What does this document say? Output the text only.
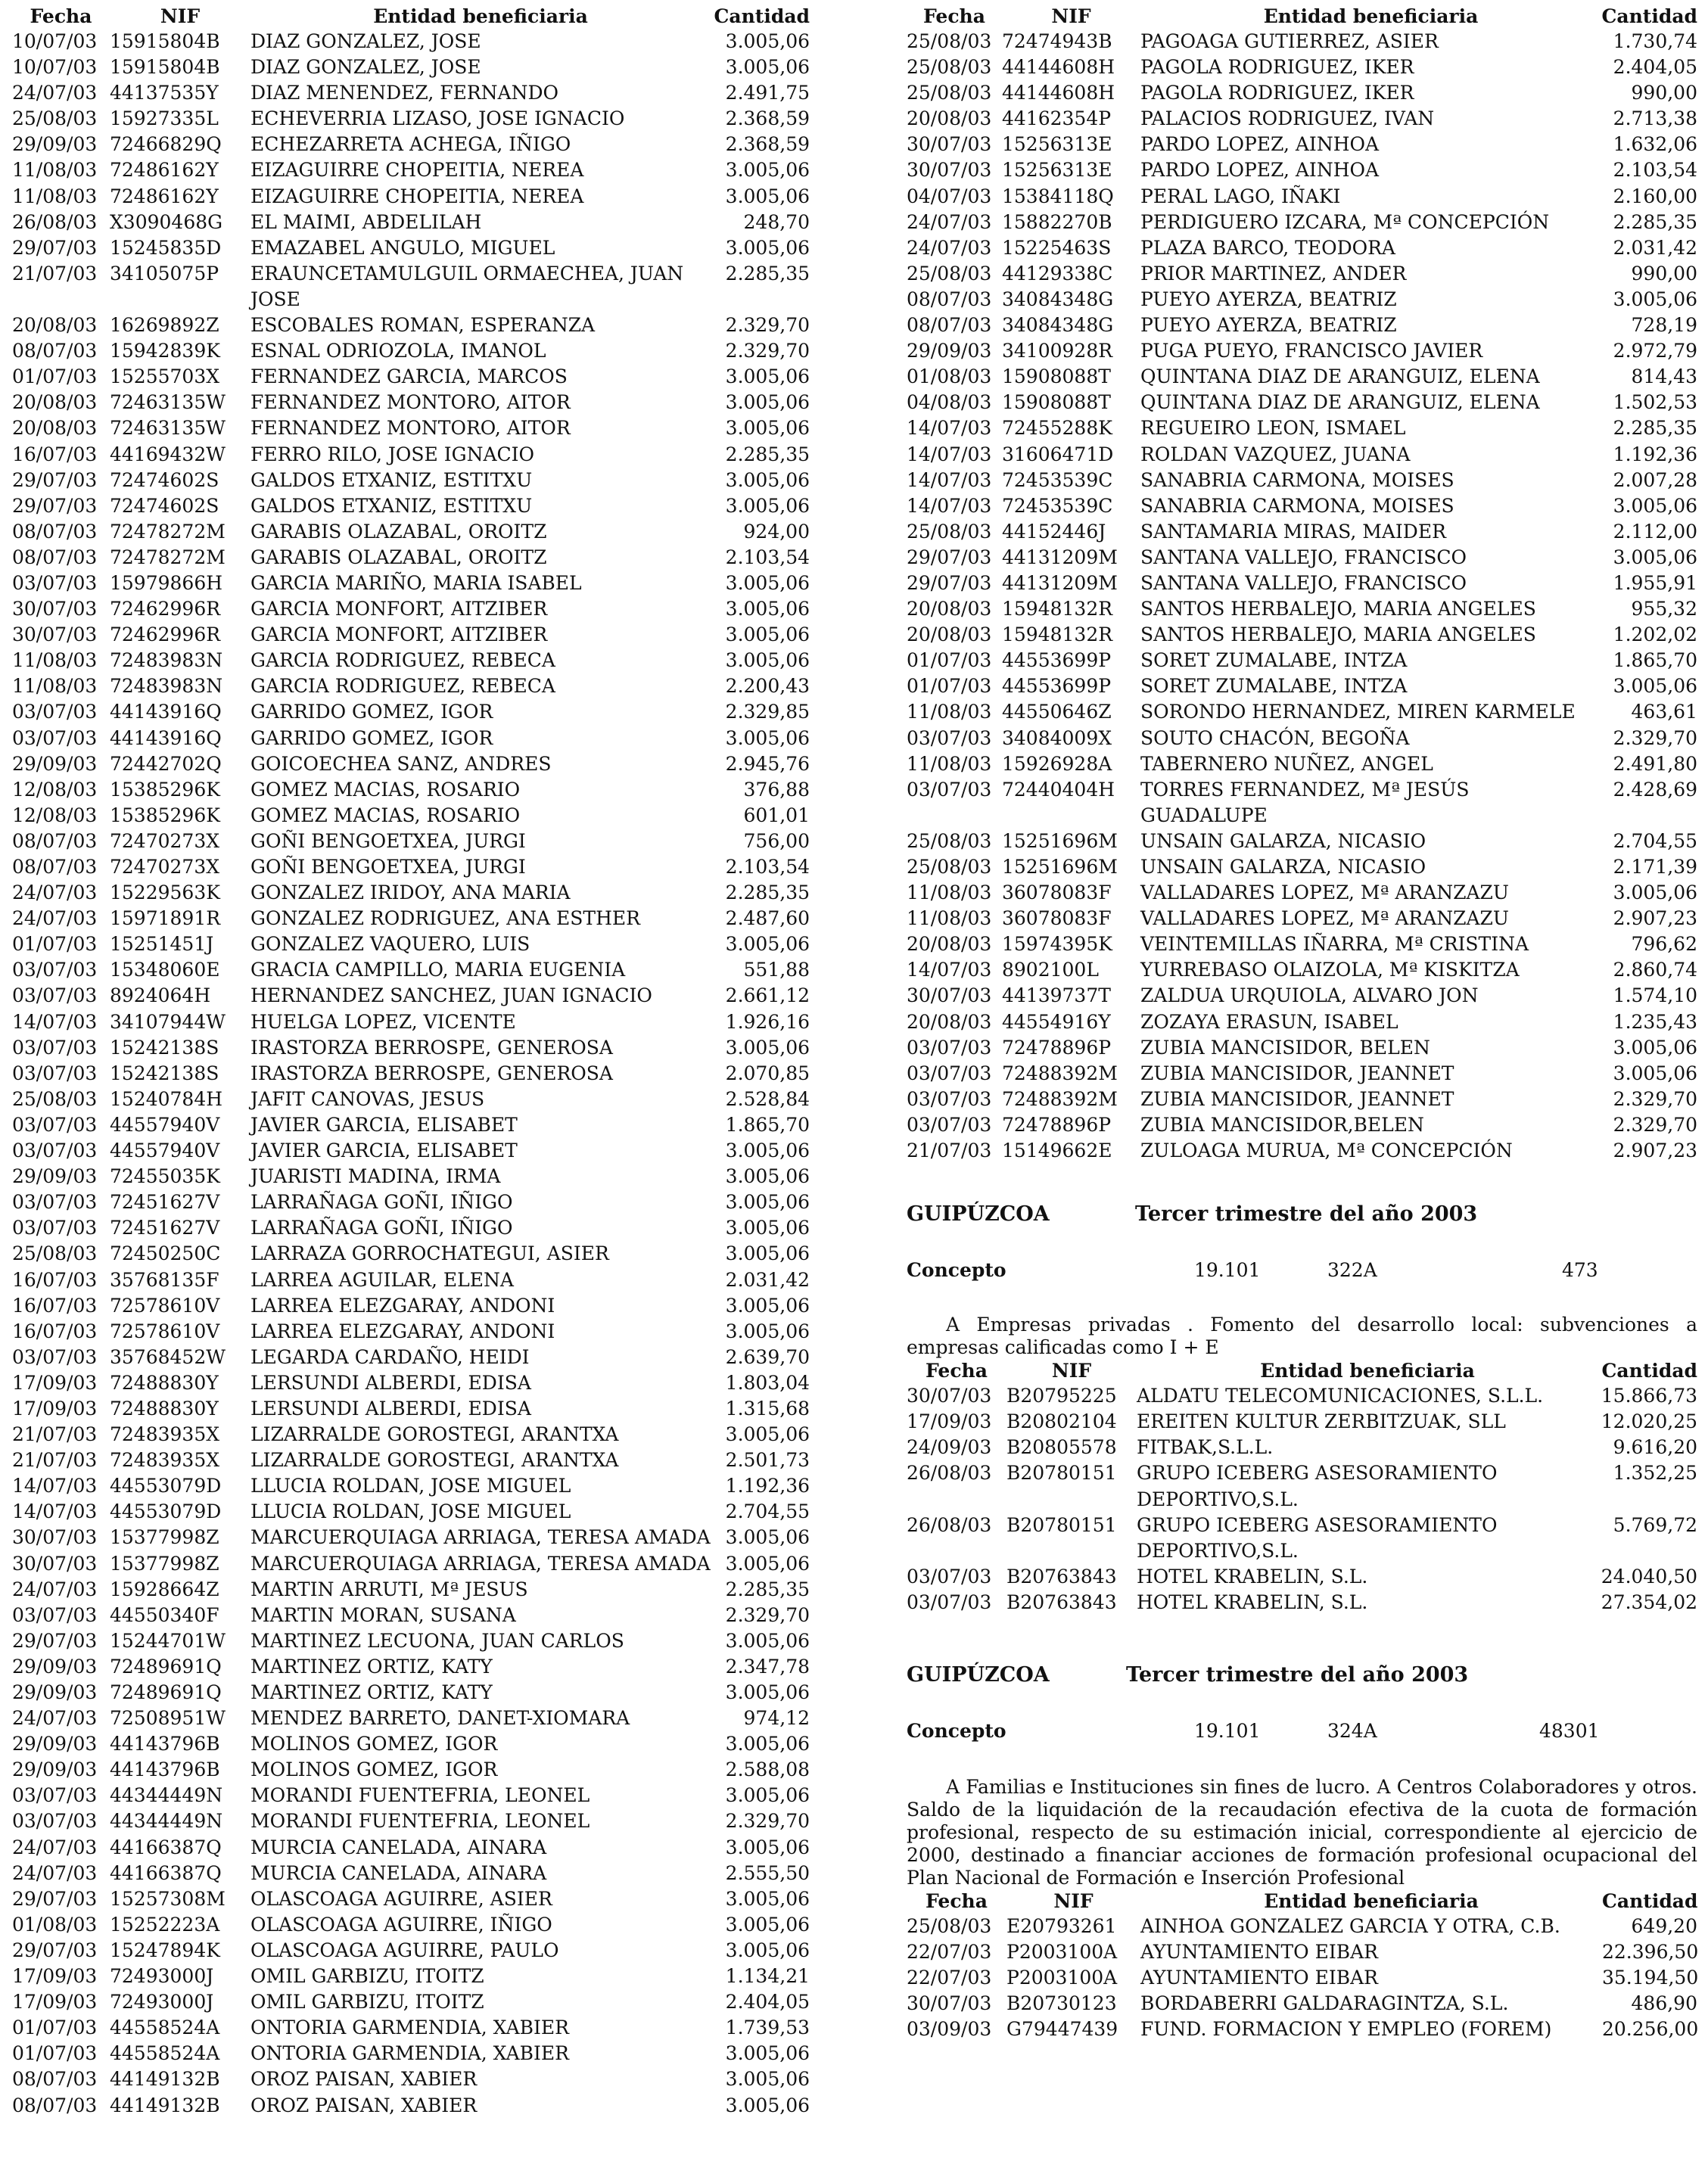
Fecha	NIF	Entidad beneficiaria	Cantidad
10/07/03	15915804B	DIAZ GONZALEZ, JOSE	3.005,06
10/07/03	15915804B	DIAZ GONZALEZ, JOSE	3.005,06
24/07/03	44137535Y	DIAZ MENENDEZ, FERNANDO	2.491,75
25/08/03	15927335L	ECHEVERRIA LIZASO, JOSE IGNACIO	2.368,59
29/09/03	72466829Q	ECHEZARRETA ACHEGA, IÑIGO	2.368,59
11/08/03	72486162Y	EIZAGUIRRE CHOPEITIA, NEREA	3.005,06
11/08/03	72486162Y	EIZAGUIRRE CHOPEITIA, NEREA	3.005,06
26/08/03	X3090468G	EL MAIMI, ABDELILAH	248,70
29/07/03	15245835D	EMAZABEL ANGULO, MIGUEL	3.005,06
21/07/03	34105075P	ERAUNCETAMULGUIL ORMAECHEA, JUAN JOSE	2.285,35
20/08/03	16269892Z	ESCOBALES ROMAN, ESPERANZA	2.329,70
08/07/03	15942839K	ESNAL ODRIOZOLA, IMANOL	2.329,70
01/07/03	15255703X	FERNANDEZ GARCIA, MARCOS	3.005,06
20/08/03	72463135W	FERNANDEZ MONTORO, AITOR	3.005,06
20/08/03	72463135W	FERNANDEZ MONTORO, AITOR	3.005,06
16/07/03	44169432W	FERRO RILO, JOSE IGNACIO	2.285,35
29/07/03	72474602S	GALDOS ETXANIZ, ESTITXU	3.005,06
29/07/03	72474602S	GALDOS ETXANIZ, ESTITXU	3.005,06
08/07/03	72478272M	GARABIS OLAZABAL, OROITZ	924,00
08/07/03	72478272M	GARABIS OLAZABAL, OROITZ	2.103,54
03/07/03	15979866H	GARCIA MARIÑO, MARIA ISABEL	3.005,06
30/07/03	72462996R	GARCIA MONFORT, AITZIBER	3.005,06
30/07/03	72462996R	GARCIA MONFORT, AITZIBER	3.005,06
11/08/03	72483983N	GARCIA RODRIGUEZ, REBECA	3.005,06
11/08/03	72483983N	GARCIA RODRIGUEZ, REBECA	2.200,43
03/07/03	44143916Q	GARRIDO GOMEZ, IGOR	2.329,85
03/07/03	44143916Q	GARRIDO GOMEZ, IGOR	3.005,06
29/09/03	72442702Q	GOICOECHEA SANZ, ANDRES	2.945,76
12/08/03	15385296K	GOMEZ MACIAS, ROSARIO	376,88
12/08/03	15385296K	GOMEZ MACIAS, ROSARIO	601,01
08/07/03	72470273X	GOÑI BENGOETXEA, JURGI	756,00
08/07/03	72470273X	GOÑI BENGOETXEA, JURGI	2.103,54
24/07/03	15229563K	GONZALEZ IRIDOY, ANA MARIA	2.285,35
24/07/03	15971891R	GONZALEZ RODRIGUEZ, ANA ESTHER	2.487,60
01/07/03	15251451J	GONZALEZ VAQUERO, LUIS	3.005,06
03/07/03	15348060E	GRACIA CAMPILLO, MARIA EUGENIA	551,88
03/07/03	8924064H	HERNANDEZ SANCHEZ, JUAN IGNACIO	2.661,12
14/07/03	34107944W	HUELGA LOPEZ, VICENTE	1.926,16
03/07/03	15242138S	IRASTORZA BERROSPE, GENEROSA	3.005,06
03/07/03	15242138S	IRASTORZA BERROSPE, GENEROSA	2.070,85
25/08/03	15240784H	JAFIT CANOVAS, JESUS	2.528,84
03/07/03	44557940V	JAVIER GARCIA, ELISABET	1.865,70
03/07/03	44557940V	JAVIER GARCIA, ELISABET	3.005,06
29/09/03	72455035K	JUARISTI MADINA, IRMA	3.005,06
03/07/03	72451627V	LARRAÑAGA GOÑI, IÑIGO	3.005,06
03/07/03	72451627V	LARRAÑAGA GOÑI, IÑIGO	3.005,06
25/08/03	72450250C	LARRAZA GORROCHATEGUI, ASIER	3.005,06
16/07/03	35768135F	LARREA AGUILAR, ELENA	2.031,42
16/07/03	72578610V	LARREA ELEZGARAY, ANDONI	3.005,06
16/07/03	72578610V	LARREA ELEZGARAY, ANDONI	3.005,06
03/07/03	35768452W	LEGARDA CARDAÑO, HEIDI	2.639,70
17/09/03	72488830Y	LERSUNDI ALBERDI, EDISA	1.803,04
17/09/03	72488830Y	LERSUNDI ALBERDI, EDISA	1.315,68
21/07/03	72483935X	LIZARRALDE GOROSTEGI, ARANTXA	3.005,06
21/07/03	72483935X	LIZARRALDE GOROSTEGI, ARANTXA	2.501,73
14/07/03	44553079D	LLUCIA ROLDAN, JOSE MIGUEL	1.192,36
14/07/03	44553079D	LLUCIA ROLDAN, JOSE MIGUEL	2.704,55
30/07/03	15377998Z	MARCUERQUIAGA ARRIAGA, TERESA AMADA	3.005,06
30/07/03	15377998Z	MARCUERQUIAGA ARRIAGA, TERESA AMADA	3.005,06
24/07/03	15928664Z	MARTIN ARRUTI, Mª JESUS	2.285,35
03/07/03	44550340F	MARTIN MORAN, SUSANA	2.329,70
29/07/03	15244701W	MARTINEZ LECUONA, JUAN CARLOS	3.005,06
29/09/03	72489691Q	MARTINEZ ORTIZ, KATY	2.347,78
29/09/03	72489691Q	MARTINEZ ORTIZ, KATY	3.005,06
24/07/03	72508951W	MENDEZ BARRETO, DANET-XIOMARA	974,12
29/09/03	44143796B	MOLINOS GOMEZ, IGOR	3.005,06
29/09/03	44143796B	MOLINOS GOMEZ, IGOR	2.588,08
03/07/03	44344449N	MORANDI FUENTEFRIA, LEONEL	3.005,06
03/07/03	44344449N	MORANDI FUENTEFRIA, LEONEL	2.329,70
24/07/03	44166387Q	MURCIA CANELADA, AINARA	3.005,06
24/07/03	44166387Q	MURCIA CANELADA, AINARA	2.555,50
29/07/03	15257308M	OLASCOAGA AGUIRRE, ASIER	3.005,06
01/08/03	15252223A	OLASCOAGA AGUIRRE, IÑIGO	3.005,06
29/07/03	15247894K	OLASCOAGA AGUIRRE, PAULO	3.005,06
17/09/03	72493000J	OMIL GARBIZU, ITOITZ	1.134,21
17/09/03	72493000J	OMIL GARBIZU, ITOITZ	2.404,05
01/07/03	44558524A	ONTORIA GARMENDIA, XABIER	1.739,53
01/07/03	44558524A	ONTORIA GARMENDIA, XABIER	3.005,06
08/07/03	44149132B	OROZ PAISAN, XABIER	3.005,06
08/07/03	44149132B	OROZ PAISAN, XABIER	3.005,06
Fecha	NIF	Entidad beneficiaria	Cantidad
25/08/03	72474943B	PAGOAGA GUTIERREZ, ASIER	1.730,74
25/08/03	44144608H	PAGOLA RODRIGUEZ, IKER	2.404,05
25/08/03	44144608H	PAGOLA RODRIGUEZ, IKER	990,00
20/08/03	44162354P	PALACIOS RODRIGUEZ, IVAN	2.713,38
30/07/03	15256313E	PARDO LOPEZ, AINHOA	1.632,06
30/07/03	15256313E	PARDO LOPEZ, AINHOA	2.103,54
04/07/03	15384118Q	PERAL LAGO, IÑAKI	2.160,00
24/07/03	15882270B	PERDIGUERO IZCARA, Mª CONCEPCIÓN	2.285,35
24/07/03	15225463S	PLAZA BARCO, TEODORA	2.031,42
25/08/03	44129338C	PRIOR MARTINEZ, ANDER	990,00
08/07/03	34084348G	PUEYO AYERZA, BEATRIZ	3.005,06
08/07/03	34084348G	PUEYO AYERZA, BEATRIZ	728,19
29/09/03	34100928R	PUGA PUEYO, FRANCISCO JAVIER	2.972,79
01/08/03	15908088T	QUINTANA DIAZ DE ARANGUIZ, ELENA	814,43
04/08/03	15908088T	QUINTANA DIAZ DE ARANGUIZ, ELENA	1.502,53
14/07/03	72455288K	REGUEIRO LEON, ISMAEL	2.285,35
14/07/03	31606471D	ROLDAN VAZQUEZ, JUANA	1.192,36
14/07/03	72453539C	SANABRIA CARMONA, MOISES	2.007,28
14/07/03	72453539C	SANABRIA CARMONA, MOISES	3.005,06
25/08/03	44152446J	SANTAMARIA MIRAS, MAIDER	2.112,00
29/07/03	44131209M	SANTANA VALLEJO, FRANCISCO	3.005,06
29/07/03	44131209M	SANTANA VALLEJO, FRANCISCO	1.955,91
20/08/03	15948132R	SANTOS HERBALEJO, MARIA ANGELES	955,32
20/08/03	15948132R	SANTOS HERBALEJO, MARIA ANGELES	1.202,02
01/07/03	44553699P	SORET ZUMALABE, INTZA	1.865,70
01/07/03	44553699P	SORET ZUMALABE, INTZA	3.005,06
11/08/03	44550646Z	SORONDO HERNANDEZ, MIREN KARMELE	463,61
03/07/03	34084009X	SOUTO CHACÓN, BEGOÑA	2.329,70
11/08/03	15926928A	TABERNERO NUÑEZ, ANGEL	2.491,80
03/07/03	72440404H	TORRES FERNANDEZ, Mª JESÚS GUADALUPE	2.428,69
25/08/03	15251696M	UNSAIN GALARZA, NICASIO	2.704,55
25/08/03	15251696M	UNSAIN GALARZA, NICASIO	2.171,39
11/08/03	36078083F	VALLADARES LOPEZ, Mª ARANZAZU	3.005,06
11/08/03	36078083F	VALLADARES LOPEZ, Mª ARANZAZU	2.907,23
20/08/03	15974395K	VEINTEMILLAS IÑARRA, Mª CRISTINA	796,62
14/07/03	8902100L	YURREBASO OLAIZOLA, Mª KISKITZA	2.860,74
30/07/03	44139737T	ZALDUA URQUIOLA, ALVARO JON	1.574,10
20/08/03	44554916Y	ZOZAYA ERASUN, ISABEL	1.235,43
03/07/03	72478896P	ZUBIA MANCISIDOR, BELEN	3.005,06
03/07/03	72488392M	ZUBIA MANCISIDOR, JEANNET	3.005,06
03/07/03	72488392M	ZUBIA MANCISIDOR, JEANNET	2.329,70
03/07/03	72478896P	ZUBIA MANCISIDOR,BELEN	2.329,70
21/07/03	15149662E	ZULOAGA MURUA, Mª CONCEPCIÓN	2.907,23
GUIPÚZCOA	Tercer trimestre del año 2003
Concepto	19.101	322A	473
A Empresas privadas . Fomento del desarrollo local: subvenciones a empresas calificadas como I + E
Fecha	NIF	Entidad beneficiaria	Cantidad
30/07/03	B20795225	ALDATU TELECOMUNICACIONES, S.L.L.	15.866,73
17/09/03	B20802104	EREITEN KULTUR ZERBITZUAK, SLL	12.020,25
24/09/03	B20805578	FITBAK,S.L.L.	9.616,20
26/08/03	B20780151	GRUPO ICEBERG ASESORAMIENTO DEPORTIVO,S.L.	1.352,25
26/08/03	B20780151	GRUPO ICEBERG ASESORAMIENTO DEPORTIVO,S.L.	5.769,72
03/07/03	B20763843	HOTEL KRABELIN, S.L.	24.040,50
03/07/03	B20763843	HOTEL KRABELIN, S.L.	27.354,02
GUIPÚZCOA	Tercer trimestre del año 2003
Concepto	19.101	324A	48301
A Familias e Instituciones sin fines de lucro. A Centros Colaboradores y otros. Saldo de la liquidación de la recaudación efectiva de la cuota de formación profesional, respecto de su estimación inicial, correspondiente al ejercicio de 2000, destinado a financiar acciones de formación profesional ocupacional del Plan Nacional de Formación e Inserción Profesional
Fecha	NIF	Entidad beneficiaria	Cantidad
25/08/03	E20793261	AINHOA GONZALEZ GARCIA Y OTRA, C.B.	649,20
22/07/03	P2003100A	AYUNTAMIENTO EIBAR	22.396,50
22/07/03	P2003100A	AYUNTAMIENTO EIBAR	35.194,50
30/07/03	B20730123	BORDABERRI GALDARAGINTZA, S.L.	486,90
03/09/03	G79447439	FUND. FORMACION Y EMPLEO (FOREM)	20.256,00
